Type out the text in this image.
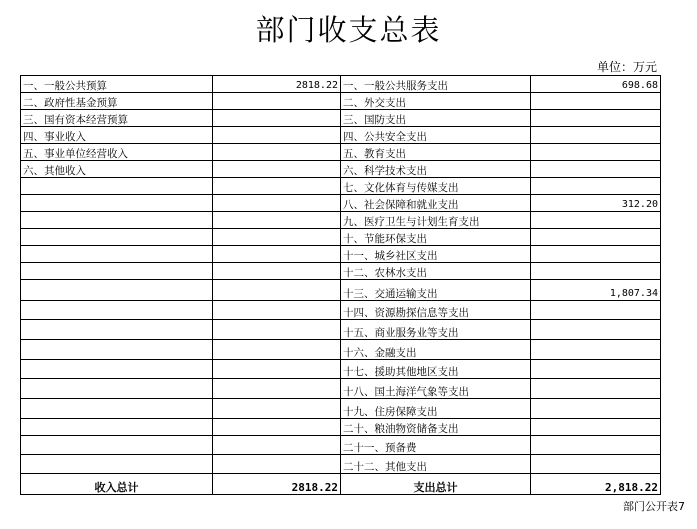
部门收支总表
单位：万元
一、一般公共预算	2818.22	一、一般公共服务支出	698.68
二、政府性基金预算		二、外交支出	
三、国有资本经营预算		三、国防支出	
四、事业收入		四、公共安全支出	
五、事业单位经营收入		五、教育支出	
六、其他收入		六、科学技术支出	
		七、文化体育与传媒支出	
		八、社会保障和就业支出	312.20
		九、医疗卫生与计划生育支出	
		十、节能环保支出	
		十一、城乡社区支出	
		十二、农林水支出	
		十三、交通运输支出	1,807.34
		十四、资源勘探信息等支出	
		十五、商业服务业等支出	
		十六、金融支出	
		十七、援助其他地区支出	
		十八、国土海洋气象等支出	
		十九、住房保障支出	
		二十、粮油物资储备支出	
		二十一、预备费	
		二十二、其他支出	
收入总计	2818.22	支出总计	2,818.22
部门公开表7
